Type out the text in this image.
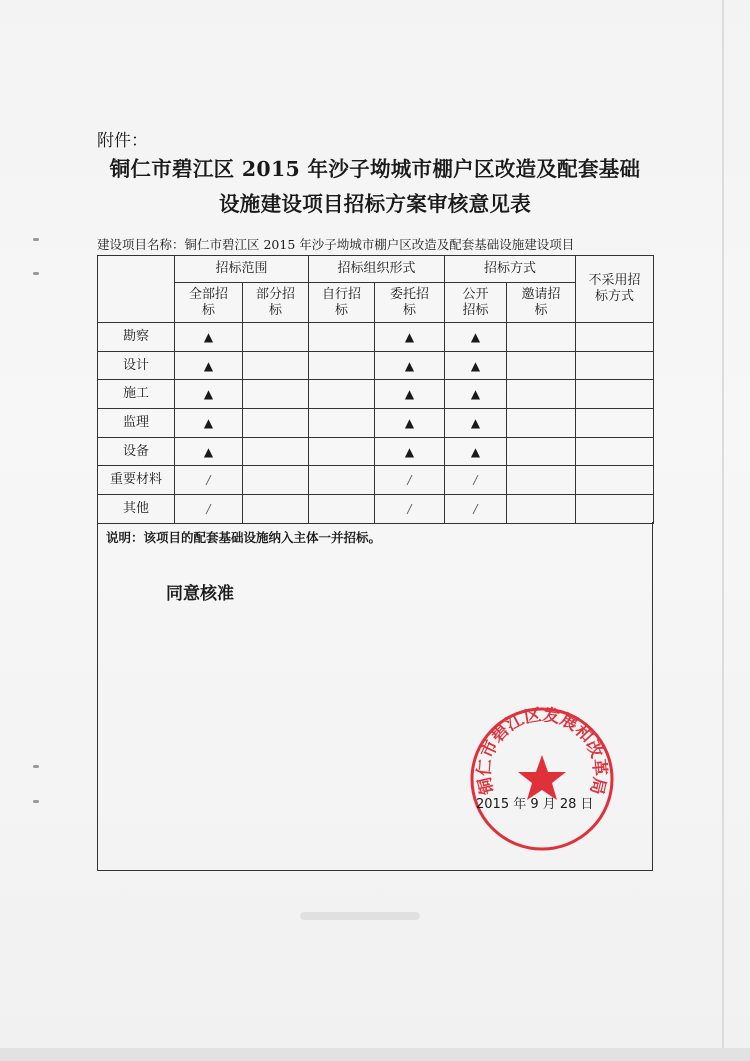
附件：
铜仁市碧江区 2015 年沙子坳城市棚户区改造及配套基础
设施建设项目招标方案审核意见表
建设项目名称：铜仁市碧江区 2015 年沙子坳城市棚户区改造及配套基础设施建设项目
	招标范围		招标组织形式		招标方式		不采用招标方式
	全部招标	部分招标	自行招标	委托招标	公开招标	邀请招标	
勘察	▲			▲	▲		
设计	▲			▲	▲		
施工	▲			▲	▲		
监理	▲			▲	▲		
设备	▲			▲	▲		
重要材料	/			/	/		
其他	/			/	/		
说明：该项目的配套基础设施纳入主体一并招标。
同意核准
铜仁市碧江区发展和改革局
2015 年 9 月 28 日
